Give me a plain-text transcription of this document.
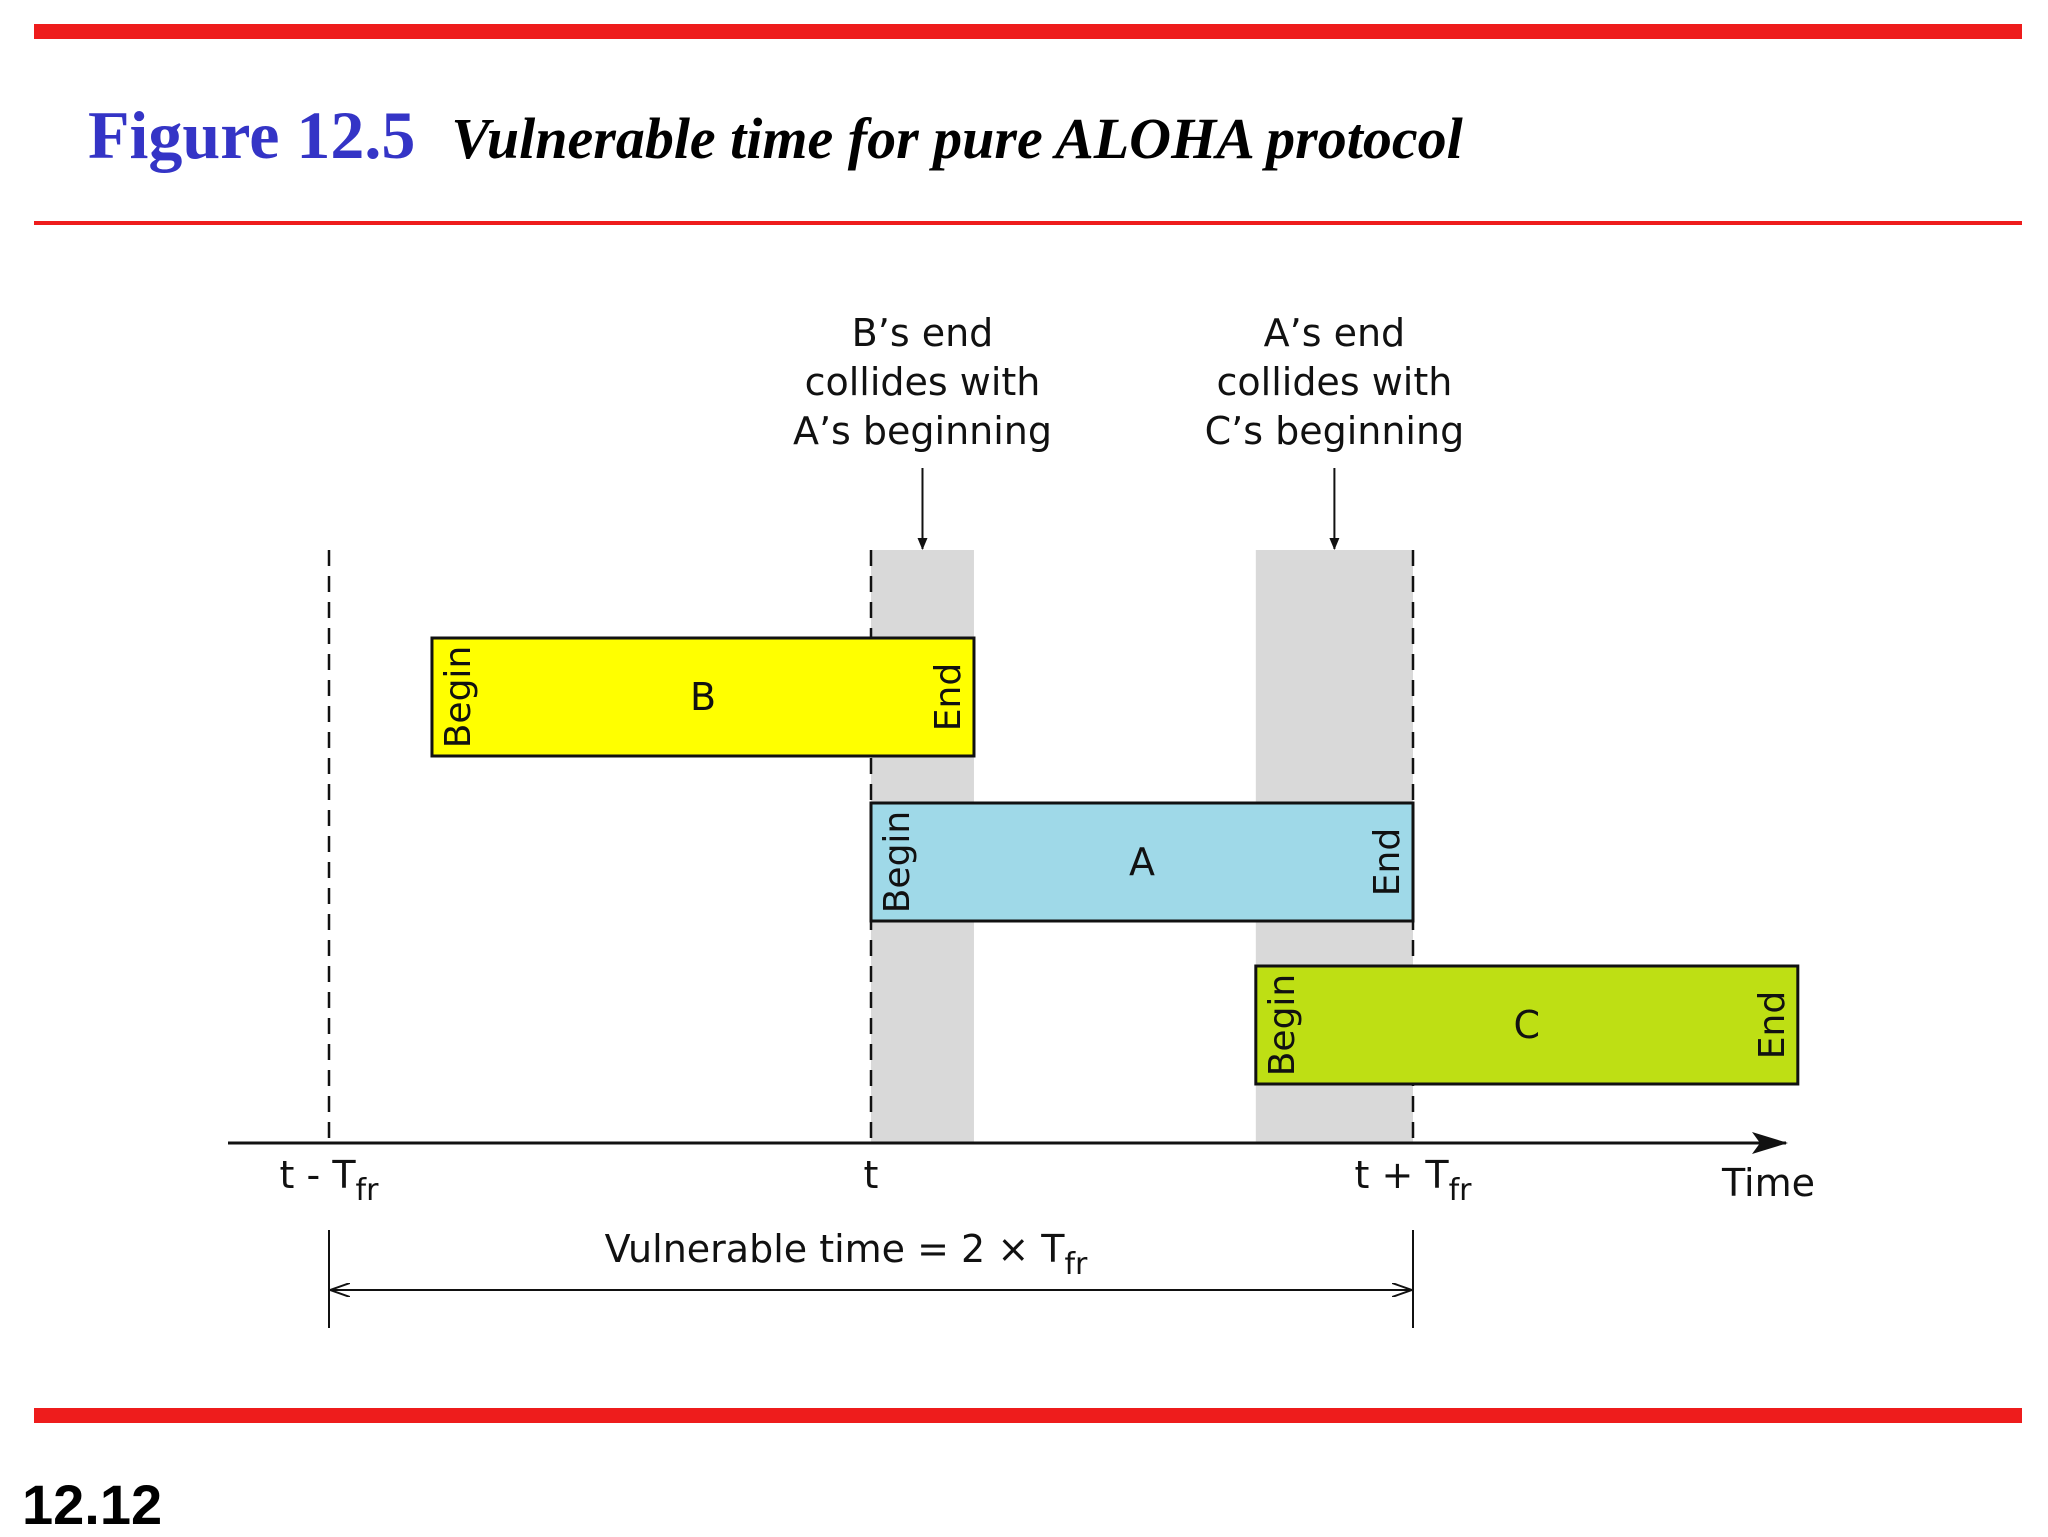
Figure 12.5 Vulnerable time for pure ALOHA protocol
B
Begin	End
A
Begin	End
C
Begin	End
B’s end
collides with
A’s beginning
A’s end
collides with
C’s beginning
Time
t - $T_{fr}$	t	$t + T_{fr}$
Vulnerable time = $2 \times T_{fr}$
12.12
